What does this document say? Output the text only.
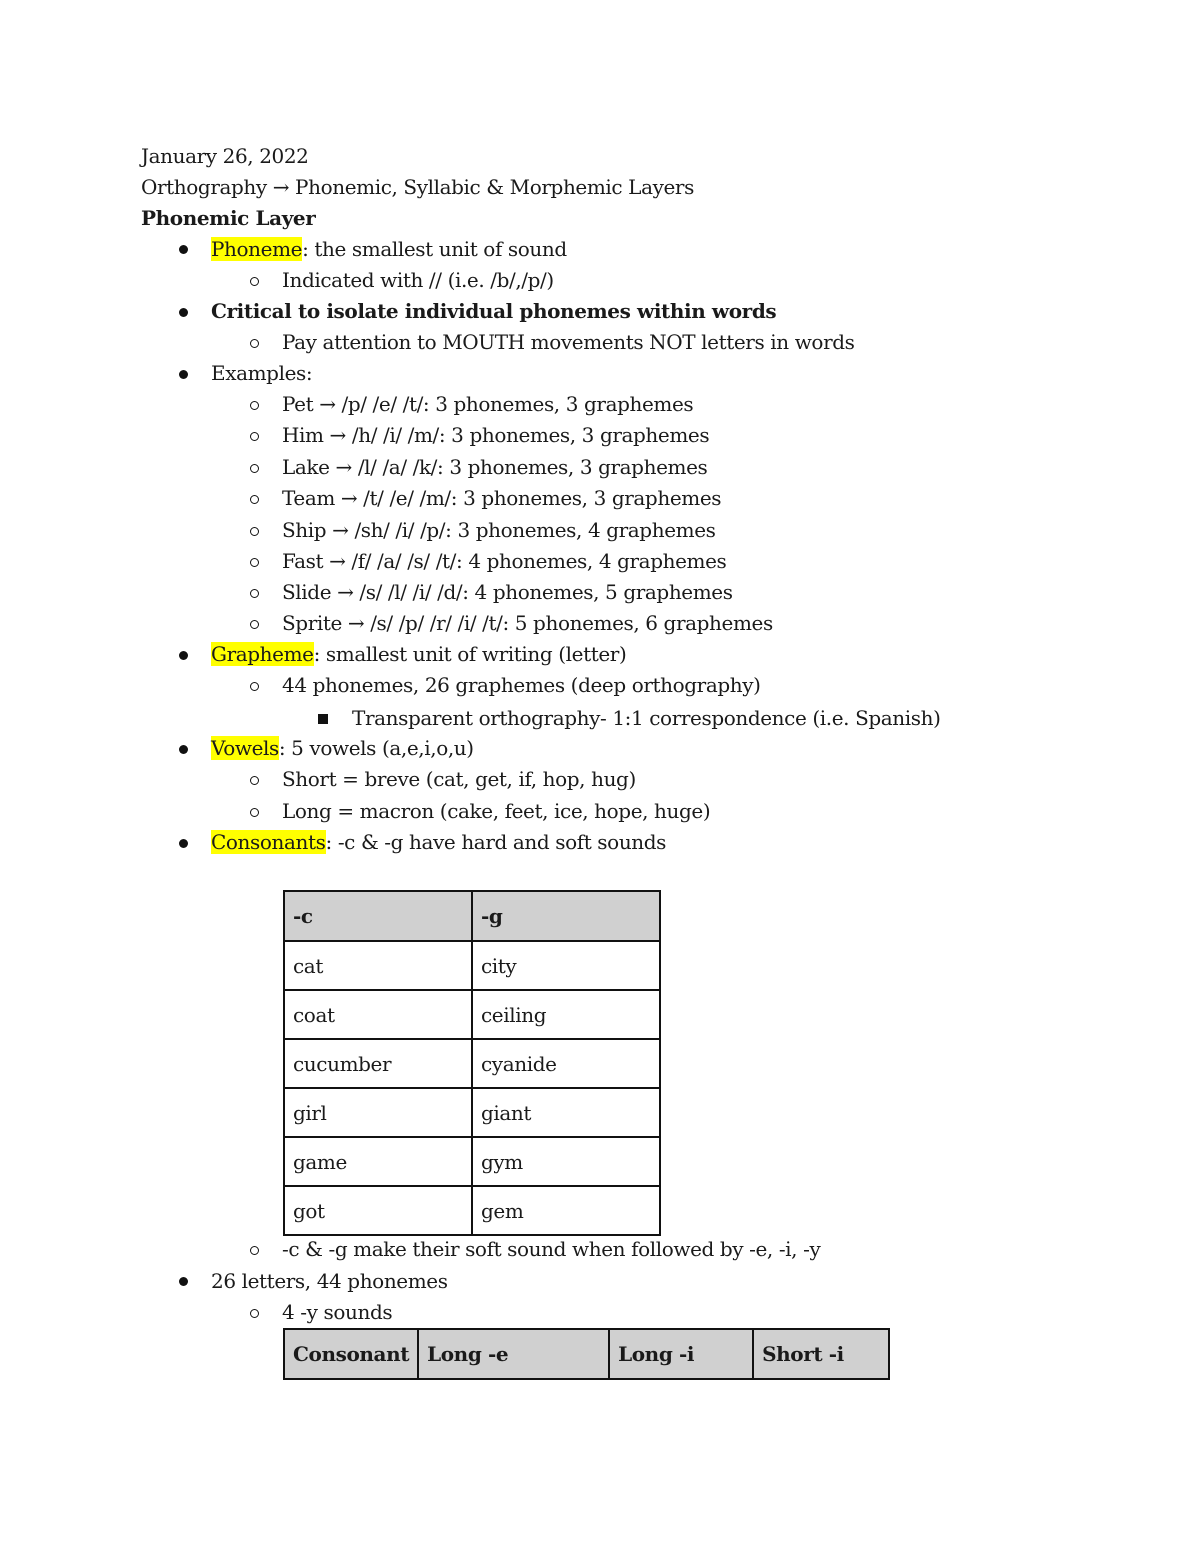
January 26, 2022
Orthography → Phonemic, Syllabic & Morphemic Layers
Phonemic Layer
Phoneme: the smallest unit of sound
Indicated with // (i.e. /b/,/p/)
Critical to isolate individual phonemes within words
Pay attention to MOUTH movements NOT letters in words
Examples:
Pet → /p/ /e/ /t/: 3 phonemes, 3 graphemes
Him → /h/ /i/ /m/: 3 phonemes, 3 graphemes
Lake → /l/ /a/ /k/: 3 phonemes, 3 graphemes
Team → /t/ /e/ /m/: 3 phonemes, 3 graphemes
Ship → /sh/ /i/ /p/: 3 phonemes, 4 graphemes
Fast → /f/ /a/ /s/ /t/: 4 phonemes, 4 graphemes
Slide → /s/ /l/ /i/ /d/: 4 phonemes, 5 graphemes
Sprite → /s/ /p/ /r/ /i/ /t/: 5 phonemes, 6 graphemes
Grapheme: smallest unit of writing (letter)
44 phonemes, 26 graphemes (deep orthography)
Transparent orthography- 1:1 correspondence (i.e. Spanish)
Vowels: 5 vowels (a,e,i,o,u)
Short = breve (cat, get, if, hop, hug)
Long = macron (cake, feet, ice, hope, huge)
Consonants: -c & -g have hard and soft sounds
-c	-g
cat	city
coat	ceiling
cucumber	cyanide
girl	giant
game	gym
got	gem
-c & -g make their soft sound when followed by -e, -i, -y
26 letters, 44 phonemes
4 -y sounds
Consonant	Long -e	Long -i	Short -i
